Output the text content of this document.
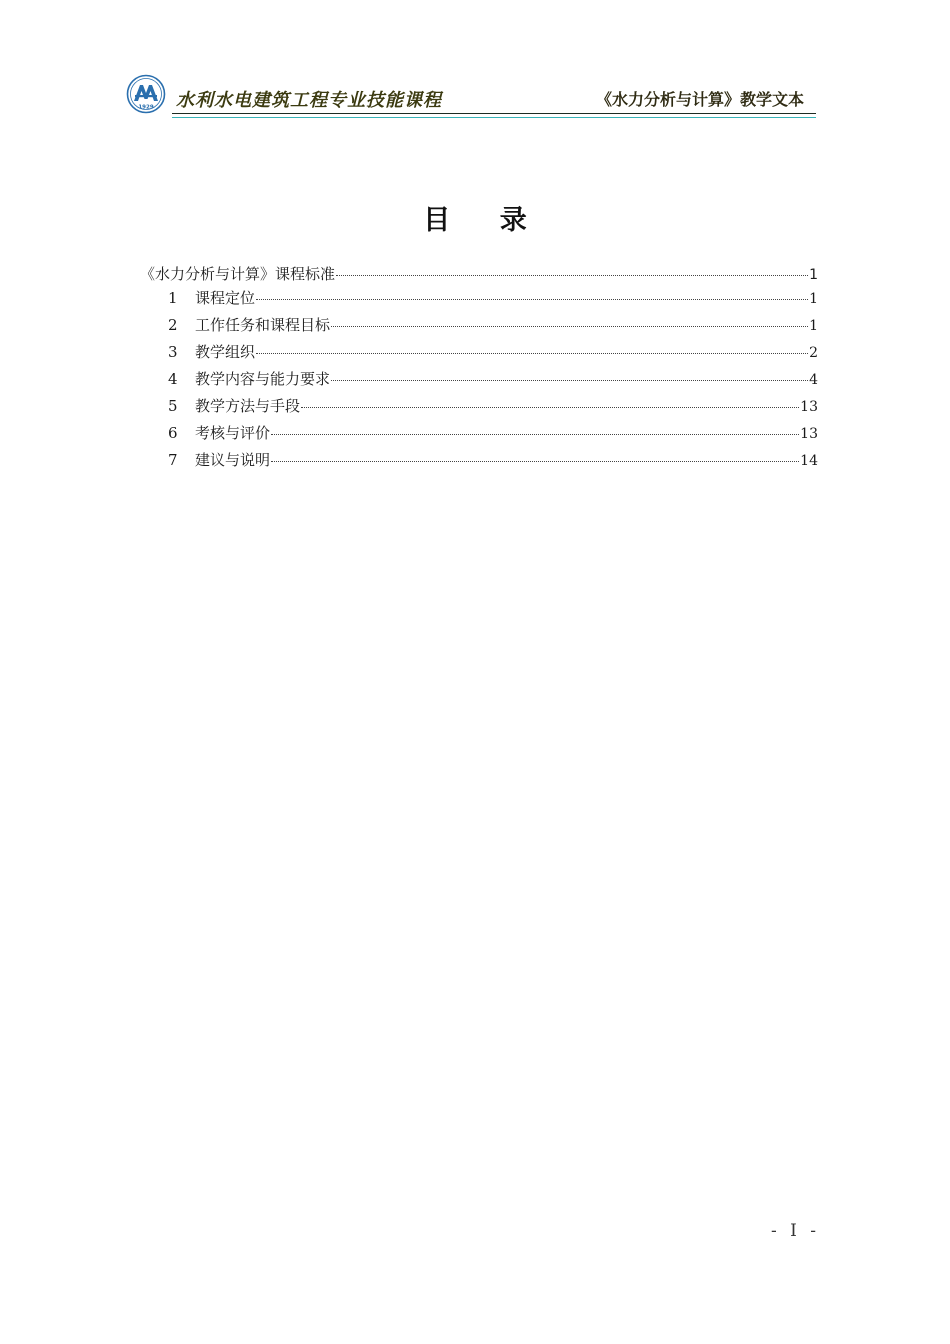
1929 水利水电建筑工程专业技能课程	《水力分析与计算》教学文本
目 录
《水力分析与计算》课程标准	1
1	课程定位	1
2	工作任务和课程目标	1
3	教学组织	2
4	教学内容与能力要求	4
5	教学方法与手段	13
6	考核与评价	13
7	建议与说明	14
- I -
